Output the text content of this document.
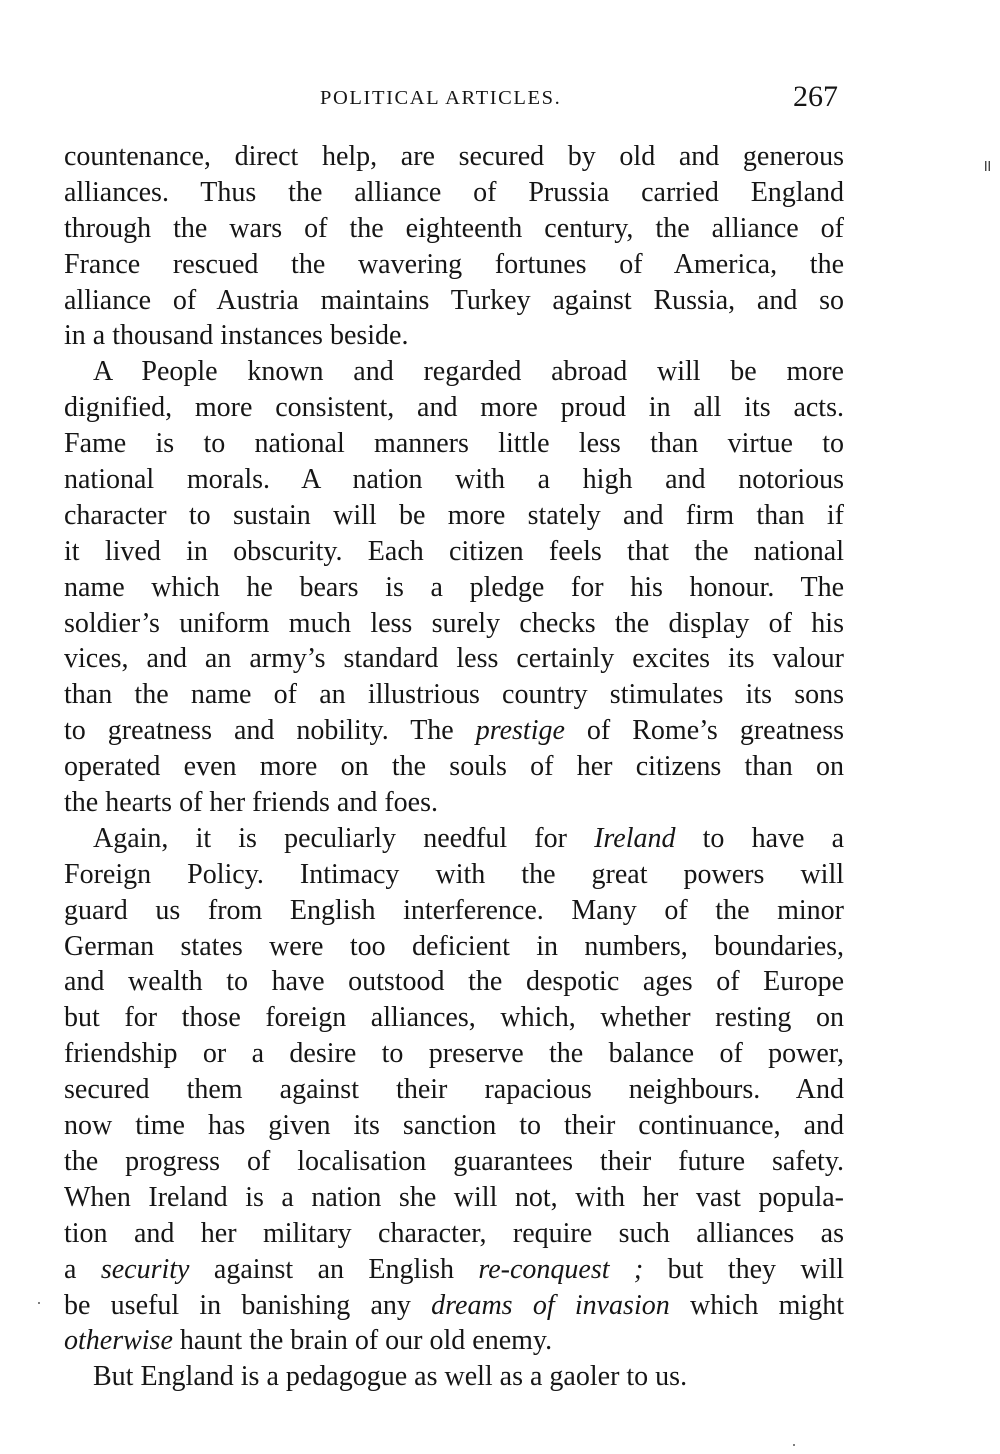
POLITICAL ARTICLES.	267
॥
countenance, direct help, are secured by old and generous
alliances. Thus the alliance of Prussia carried England
through the wars of the eighteenth century, the alliance of
France rescued the wavering fortunes of America, the
alliance of Austria maintains Turkey against Russia, and so
in a thousand instances beside.
A People known and regarded abroad will be more
dignified, more consistent, and more proud in all its acts.
Fame is to national manners little less than virtue to
national morals. A nation with a high and notorious
character to sustain will be more stately and firm than if
it lived in obscurity. Each citizen feels that the national
name which he bears is a pledge for his honour. The
soldier’s uniform much less surely checks the display of his
vices, and an army’s standard less certainly excites its valour
than the name of an illustrious country stimulates its sons
to greatness and nobility. The prestige of Rome’s greatness
operated even more on the souls of her citizens than on
the hearts of her friends and foes.
Again, it is peculiarly needful for Ireland to have a
Foreign Policy. Intimacy with the great powers will
guard us from English interference. Many of the minor
German states were too deficient in numbers, boundaries,
and wealth to have outstood the despotic ages of Europe
but for those foreign alliances, which, whether resting on
friendship or a desire to preserve the balance of power,
secured them against their rapacious neighbours. And
now time has given its sanction to their continuance, and
the progress of localisation guarantees their future safety.
When Ireland is a nation she will not, with her vast popula-
tion and her military character, require such alliances as
a security against an English re-conquest ; but they will
be useful in banishing any dreams of invasion which might
otherwise haunt the brain of our old enemy.
But England is a pedagogue as well as a gaoler to us.
